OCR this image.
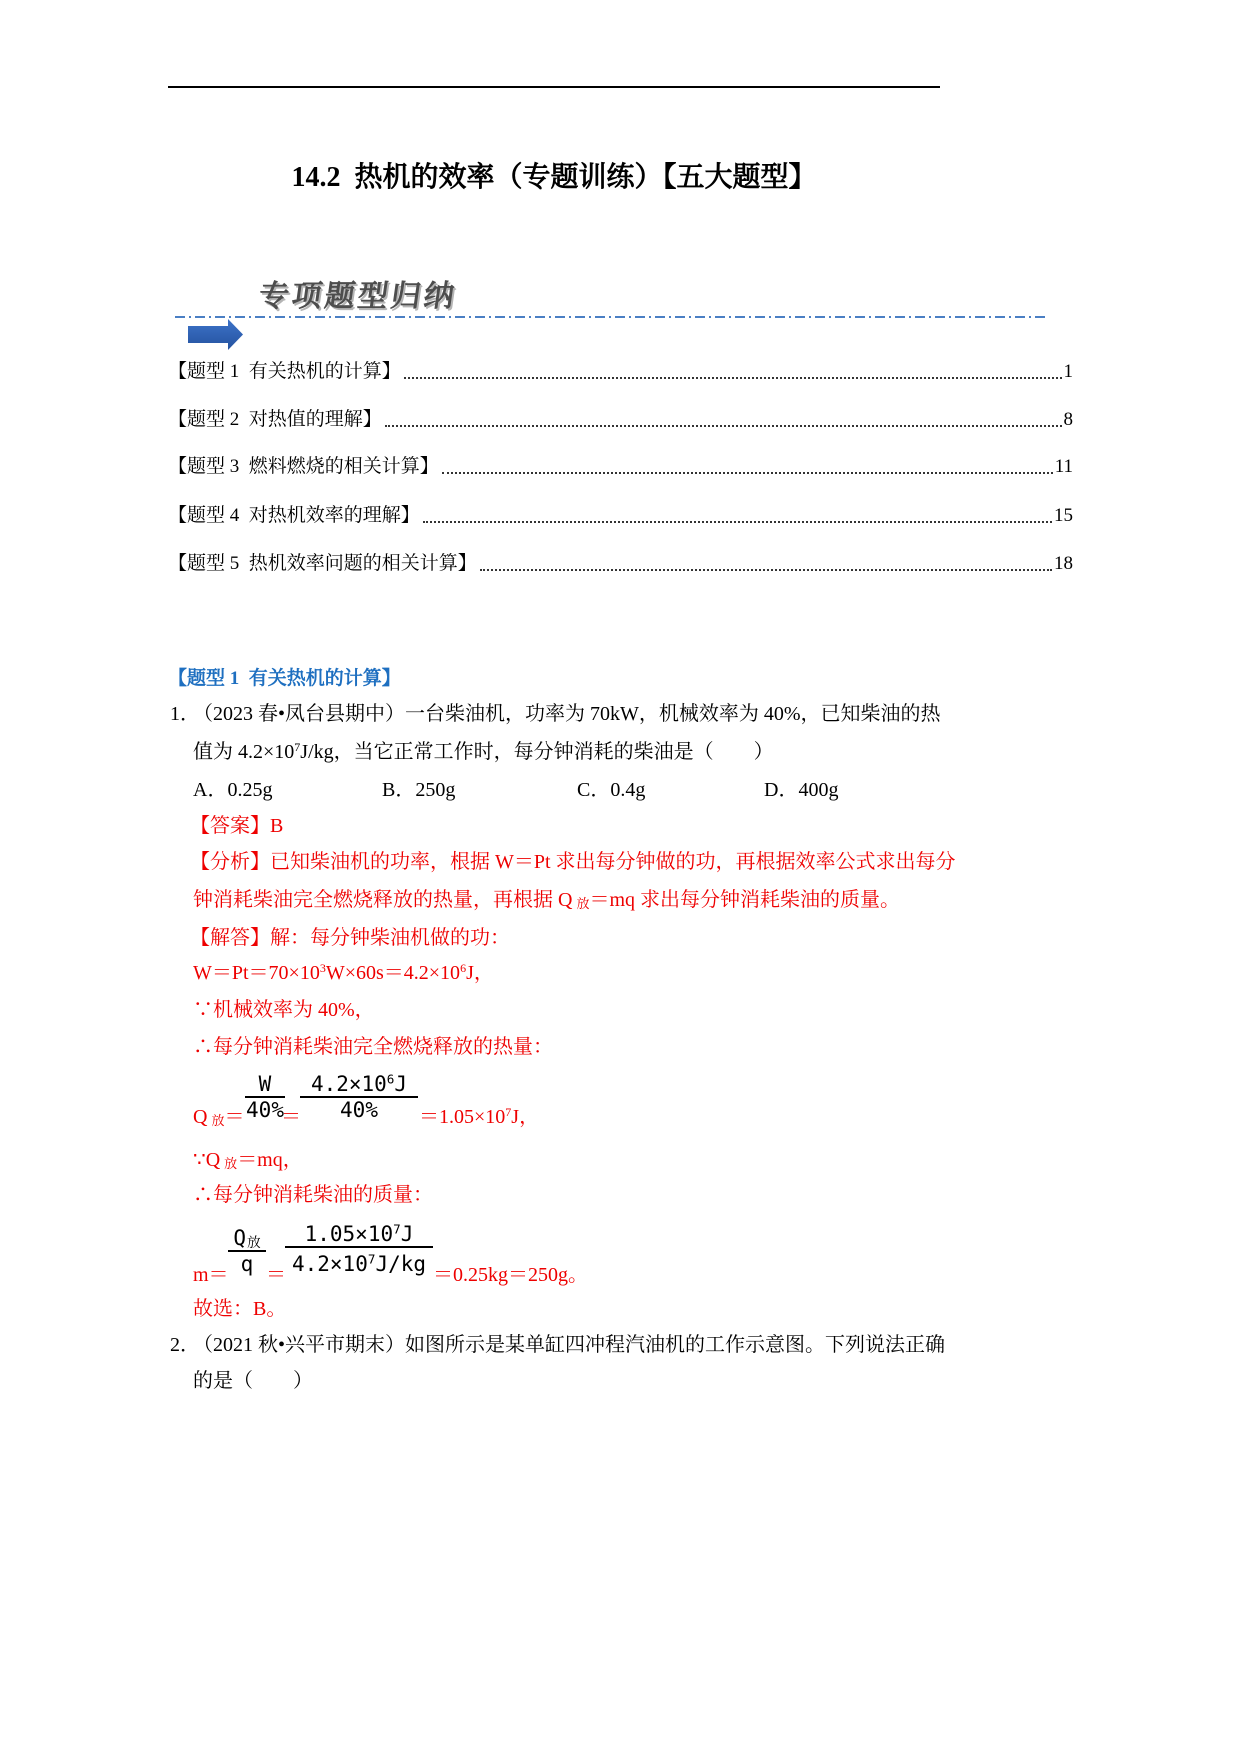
14.2  热机的效率（专题训练）【五大题型】

专项题型归纳
【题型 1  有关热机的计算】	1
【题型 2  对热值的理解】	8
【题型 3  燃料燃烧的相关计算】	11
【题型 4  对热机效率的理解】	15
【题型 5  热机效率问题的相关计算】	18
【题型 1  有关热机的计算】
1．
（2023 春•凤台县期中）一台柴油机，功率为 70kW，机械效率为 40%，已知柴油的热
值为 $4.2\times 10^7J/kg$，当它正常工作时，每分钟消耗的柴油是（　　）
A．0.25g	B．250g	C．0.4g	D．400g
【答案】B
【分析】已知柴油机的功率，根据 W＝Pt 求出每分钟做的功，再根据效率公式求出每分
钟消耗柴油完全燃烧释放的热量，再根据 Q 放＝mq 求出每分钟消耗柴油的质量。
【解答】解：每分钟柴油机做的功：
$W=Pt=70\times 10^3W\times 60s=4.2\times 10^6J$，
∵机械效率为 40%，
∴每分钟消耗柴油完全燃烧释放的热量：
Q放＝
W
40%
＝
$4.2\times 10^6J$
$40\% =1.05\times 10^7J$，
∵Q 放＝mq，
∴每分钟消耗柴油的质量：
m＝
Q放
q ＝
$1.05\times 10^7J$
$4.2\times 10^7J/kg =0.25kg=250g$。
故选：B。
2．
（2021 秋•兴平市期末）如图所示是某单缸四冲程汽油机的工作示意图。下列说法正确
的是（　　）
